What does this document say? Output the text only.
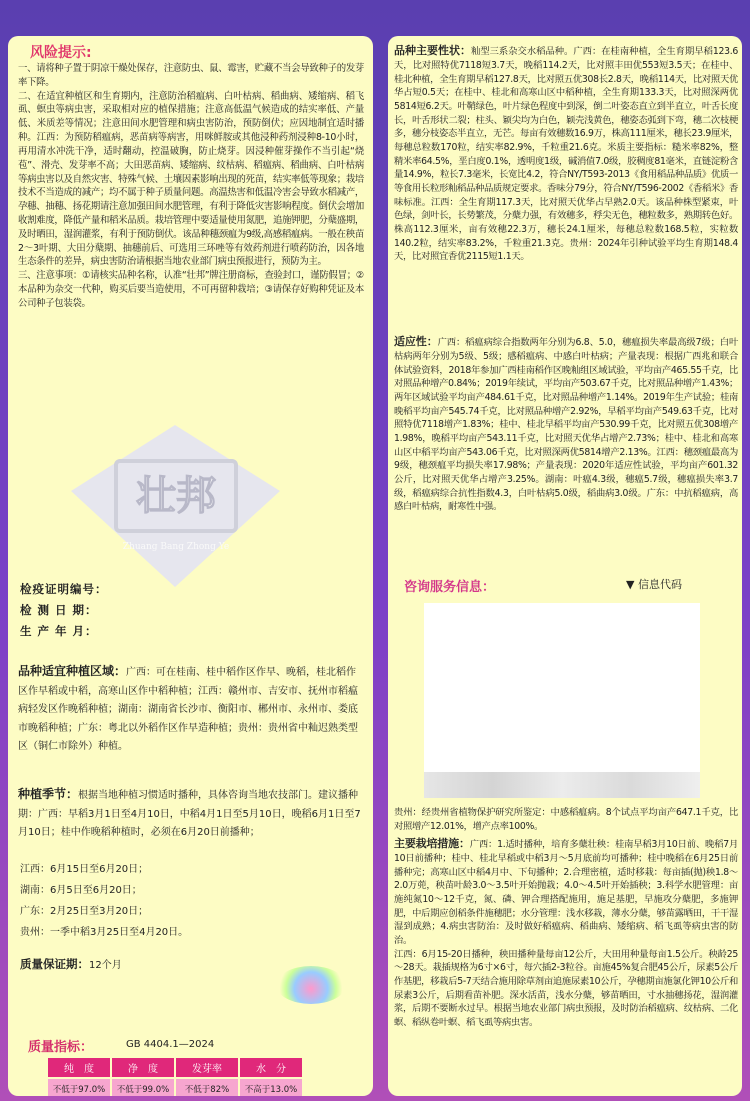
风险提示:

一、请将种子置于阴凉干燥处保存，注意防虫、鼠、霉害，贮藏不当会导致种子的发芽率下降。

二、在适宜种植区和生育期内，注意防治稻瘟病、白叶枯病、稻曲病、矮缩病、稻飞虱、螟虫等病虫害，采取相对应的植保措施；注意高低温气候造成的结实率低、产量低、米质差等情况；注意田间水肥管理和病虫害防治，预防倒伏；应因地制宜适时播种。江西：为预防稻瘟病，恶苗病等病害，用咪鲜胺或其他浸种药剂浸种8-10小时，再用清水冲洗干净，适时翻动，控温破胸，防止烧芽。因浸种催芽操作不当引起“烧苞”、滑壳、发芽率不高；大田恶苗病、矮缩病、纹枯病、稻瘟病、稻曲病、白叶枯病等病虫害以及自然灾害、特殊气候、土壤因素影响出现的死苗，结实率低等现象；栽培技术不当造成的减产；均不属于种子质量问题。高温热害和低温冷害会导致水稻减产，孕穗、抽穗、扬花期请注意加强田间水肥管理，有利于降低灾害影响程度。倒伏会增加收割难度，降低产量和稻米品质。栽培管理中要适量使用氮肥，追施钾肥，分蘖盛期，及时晒田，湿润灌浆，有利于预防倒伏。该品种穗颈瘟为9级,高感稻瘟病。一般在秧苗2～3叶期、大田分蘖期、抽穗前后、可选用三环唑等有效药剂进行喷药防治，因各地生态条件的差异，病虫害防治请根据当地农业部门病虫预报进行，预防为主。

三、注意事项：①请核实品种名称，认准“壮邦”牌注册商标，查验封口，谨防假冒；②本品种为杂交一代种，购买后要当造使用，不可再留种栽培；③请保存好购种凭证及本公司种子包装袋。

壮邦
Zhuang Bang Zhong Ye
检疫证明编号：
检 测 日 期：
生 产 年 月：
品种适宜种植区域：广西：可在桂南、桂中稻作区作早、晚稻，桂北稻作区作早稻或中稻，高寒山区作中稻种植；江西：赣州市、吉安市、抚州市稻瘟病轻发区作晚稻种植；湖南：湖南省长沙市、衡阳市、郴州市、永州市、娄底市晚稻种植；广东：粤北以外稻作区作早造种植；贵州：贵州省中籼迟熟类型区（铜仁市除外）种植。
种植季节：根据当地种植习惯适时播种，具体咨询当地农技部门。建议播种期：广西：早稻3月1日至4月10日，中稻4月1日至5月10日，晚稻6月1日至7月10日；桂中作晚稻种植时，必须在6月20日前播种；
江西：6月15日至6月20日；
湖南：6月5日至6月20日；
广东：2月25日至3月20日；
贵州：一季中稻3月25日至4月20日。
质量保证期：12个月
质量指标：	GB 4404.1—2024
纯　度	净　度	发芽率	水　分
不低于97.0%	不低于99.0%	不低于82%	不高于13.0%
品种主要性状：籼型三系杂交水稻品种。广西：在桂南种植，全生育期早稻123.6天，比对照特优7118短3.7天，晚稻114.2天，比对照丰田优553短3.5天；在桂中、桂北种植，全生育期早稻127.8天，比对照五优308长2.8天，晚稻114天，比对照天优华占短0.5天；在桂中、桂北和高寒山区中稻种植，全生育期133.3天，比对照深两优5814短6.2天。叶鞘绿色，叶片绿色程度中到深，倒二叶姿态直立到半直立，叶舌长度长，叶舌形状二裂；柱头、颖尖均为白色，颖壳浅黄色，穗姿态弧到下弯，穗二次枝梗多，穗分枝姿态半直立，无芒。每亩有效穗数16.9万，株高111厘米，穗长23.9厘米，每穗总粒数170粒，结实率82.9%，千粒重21.6克。米质主要指标：糙米率82%，整精米率64.5%，垩白度0.1%，透明度1级，碱消值7.0级，胶稠度81毫米，直链淀粉含量14.9%，粒长7.3毫米，长宽比4.2，符合NY/T593-2013《食用稻品种品质》优质一等食用长粒形籼稻品种品质规定要求。香味分79分，符合NY/T596-2002《香稻米》香味标准。江西：全生育期117.3天，比对照天优华占早熟2.0天。该品种株型紧束，叶色绿，剑叶长，长势繁茂，分蘖力强，有效穗多，稃尖无色，穗粒数多，熟期转色好。株高112.3厘米，亩有效穗22.3万，穗长24.1厘米，每穗总粒数168.5粒，实粒数140.2粒，结实率83.2%，千粒重21.3克。贵州：2024年引种试验平均生育期148.4天，比对照宜香优2115短1.1天。
适应性：广西：稻瘟病综合指数两年分别为6.8、5.0，穗瘟损失率最高级7级；白叶枯病两年分别为5级、5级；感稻瘟病、中感白叶枯病；产量表现：根据广西兆和联合体试验资料，2018年参加广西桂南稻作区晚籼组区域试验，平均亩产465.55千克，比对照品种增产0.84%；2019年续试，平均亩产503.67千克，比对照品种增产1.43%；两年区域试验平均亩产484.61千克，比对照品种增产1.14%。2019年生产试验；桂南晚稻平均亩产545.74千克，比对照品种增产2.92%，早稻平均亩产549.63千克，比对照特优7118增产1.83%；桂中、桂北早稻平均亩产530.99千克，比对照五优308增产1.98%，晚稻平均亩产543.11千克，比对照天优华占增产2.73%；桂中、桂北和高寒山区中稻平均亩产543.06千克，比对照深两优5814增产2.13%。江西：穗颈瘟最高为9级，穗颈瘟平均损失率17.98%；产量表现：2020年适应性试验，平均亩产601.32公斤，比对照天优华占增产3.25%。湖南：叶瘟4.3级，穗瘟5.7级，穗瘟损失率3.7级，稻瘟病综合抗性指数4.3，白叶枯病5.0级，稻曲病3.0级。广东：中抗稻瘟病，高感白叶枯病，耐寒性中强。
咨询服务信息：	▼ 信息代码
贵州：经贵州省植物保护研究所鉴定：中感稻瘟病。8个试点平均亩产647.1千克，比对照增产12.01%，增产点率100%。
主要栽培措施：广西：1.适时播种，培育多蘖壮秧：桂南早稻3月10日前、晚稻7月10日前播种；桂中、桂北早稻或中稻3月～5月底前均可播种；桂中晚稻在6月25日前播种完；高寒山区中稻4月中、下旬播种；2.合理密植，适时移栽：每亩插(抛)秧1.8～2.0万蔸，秧苗叶龄3.0～3.5叶开始抛栽；4.0～4.5叶开始插秧；3.科学水肥管理：亩施纯氮10～12千克，氮、磷、钾合理搭配施用，施足基肥，早施攻分蘖肥，多施钾肥，中后期应创稻条件施穗肥；水分管理：浅水移栽，薄水分蘖，够苗露晒田，干干湿湿到成熟；4.病虫害防治：及时做好稻瘟病、稻曲病、矮缩病、稻飞虱等病虫害的防治。

江西：6月15-20日播种，秧田播种量每亩12公斤，大田用种量每亩1.5公斤。秧龄25～28天。栽插规格为6寸×6寸，每穴插2-3粒谷。亩施45%复合肥45公斤，尿素5公斤作基肥，移栽后5-7天结合施用除草剂亩追施尿素10公斤，孕穗期亩施氯化钾10公斤和尿素3公斤，后期看苗补肥。深水活苗，浅水分蘖，够苗晒田，寸水抽穗扬花，湿润灌浆，后期不要断水过早。根据当地农业部门病虫预报，及时防治稻瘟病、纹枯病、二化螟、稻纵卷叶螟、稻飞虱等病虫害。
